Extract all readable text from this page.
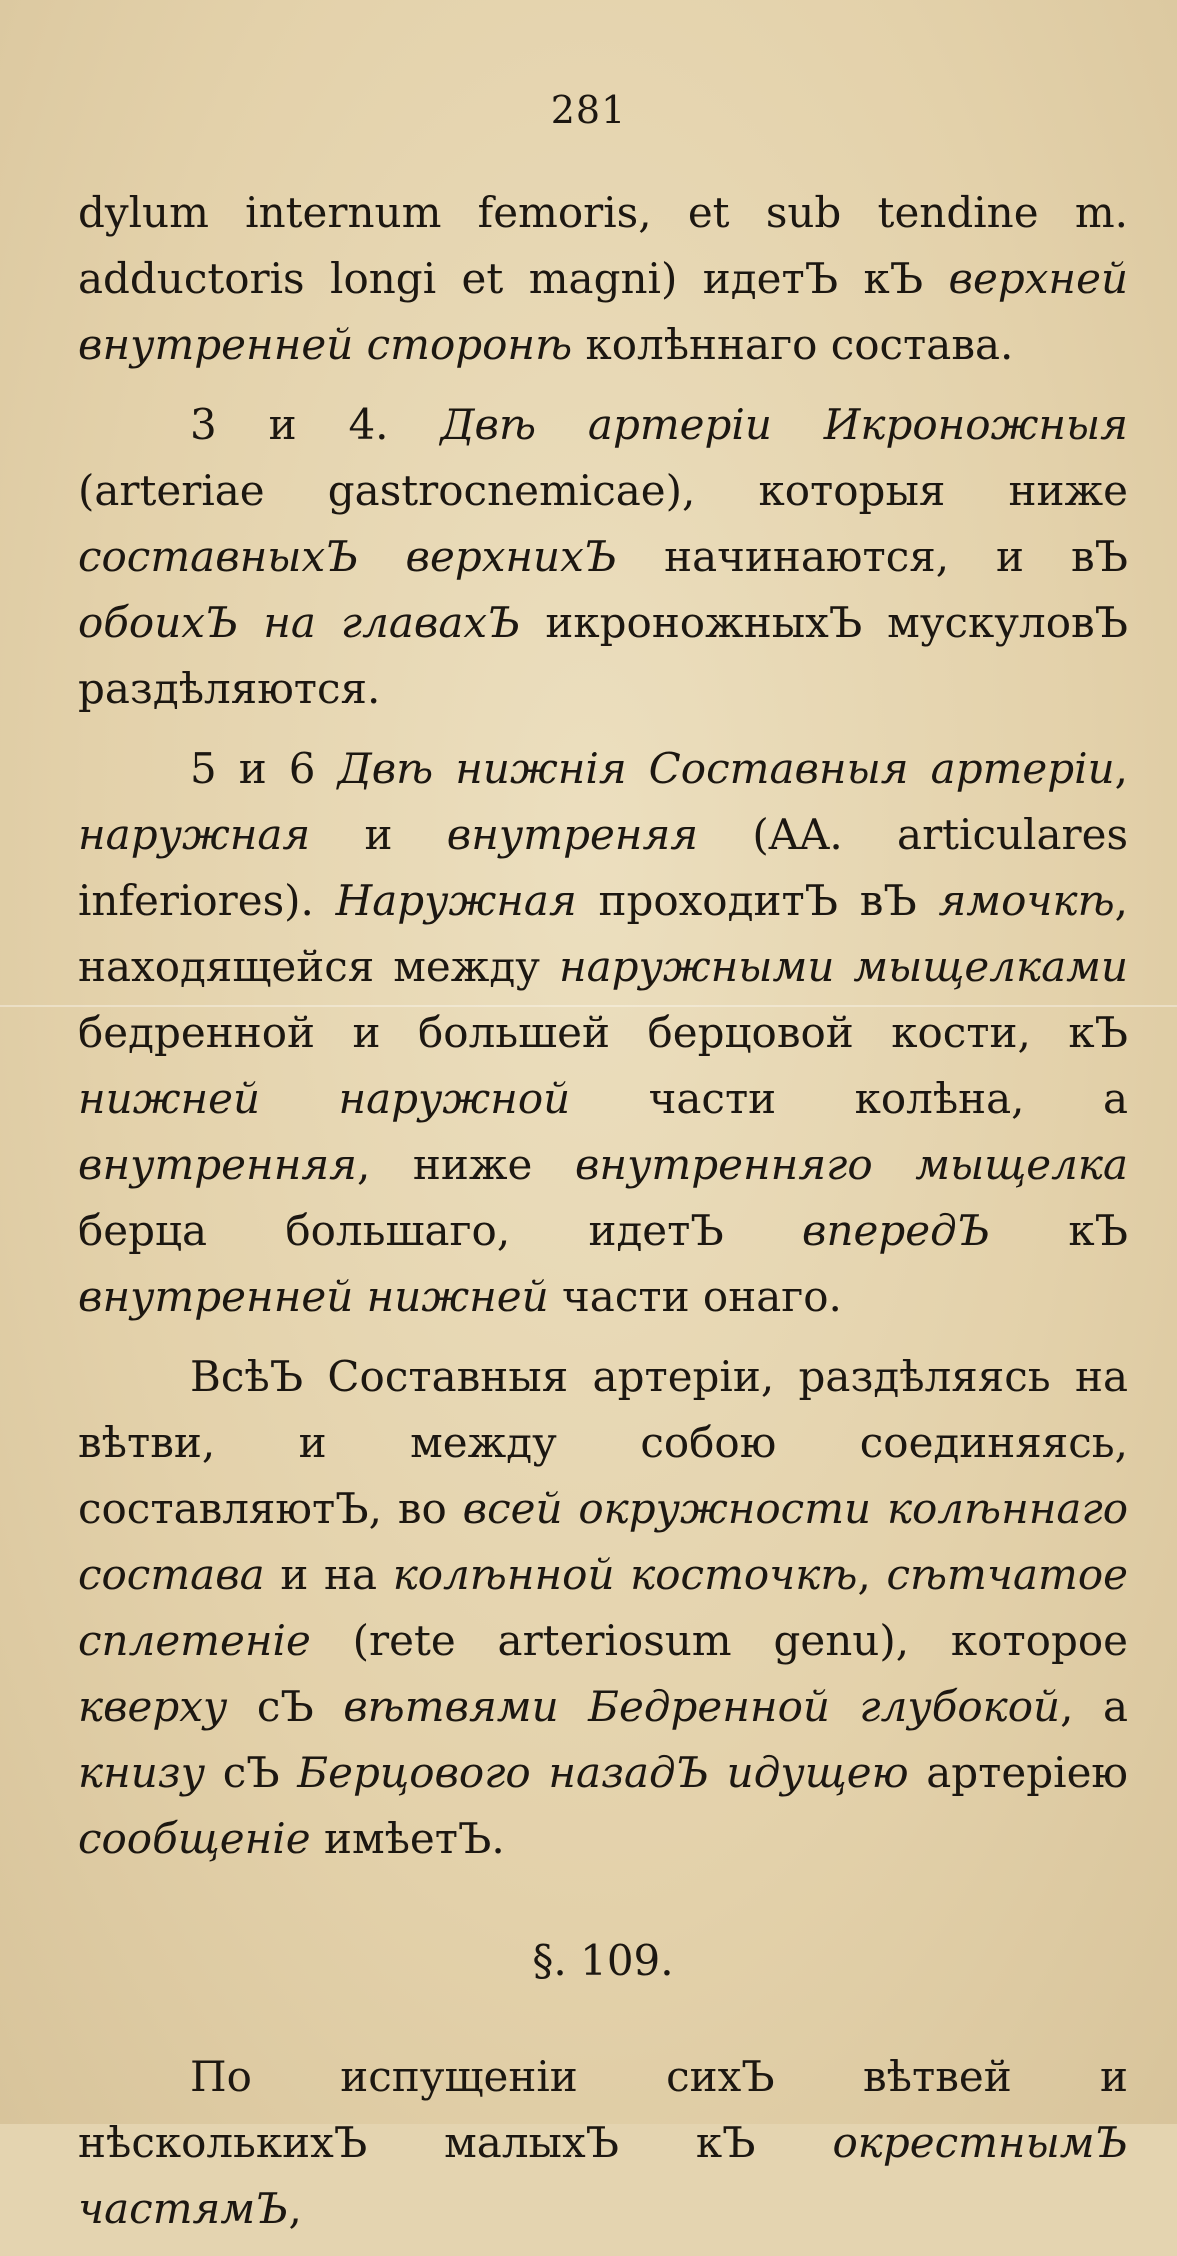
281

dylum internum femoris, et sub tendine m. adductoris longi et magni) идетЪ кЪ верхней внутренней сторонѣ колѣннаго состава.

3 и 4. Двѣ артеріи Икроножныя (arteriae gastrocnemicae), которыя ниже составныхЪ верхнихЪ начинаются, и вЪ обоихЪ на главахЪ икроножныхЪ мускуловЪ раздѣляются.

5 и 6 Двѣ нижнія Составныя артеріи, наружная и внутреняя (AA. articulares inferiores). Наружная проходитЪ вЪ ямочкѣ, находящейся между наружными мыщелками бедренной и большей берцовой кости, кЪ нижней наружной части колѣна, а внутренняя, ниже внутренняго мыщелка берца большаго, идетЪ впередЪ кЪ внутренней нижней части онаго.

ВсѣЪ Составныя артеріи, раздѣляясь на вѣтви, и между собою соединяясь, составляютЪ, во всей окружности колѣннаго состава и на колѣнной косточкѣ, сѣтчатое сплетеніе (rete arteriosum genu), которое кверху сЪ вѣтвями Бедренной глубокой, а книзу сЪ Берцового назадЪ идущею артеріею сообщеніе имѣетЪ.

§. 109.

По испущеніи сихЪ вѣтвей и нѣсколькихЪ малыхЪ кЪ окрестнымЪ частямЪ,
